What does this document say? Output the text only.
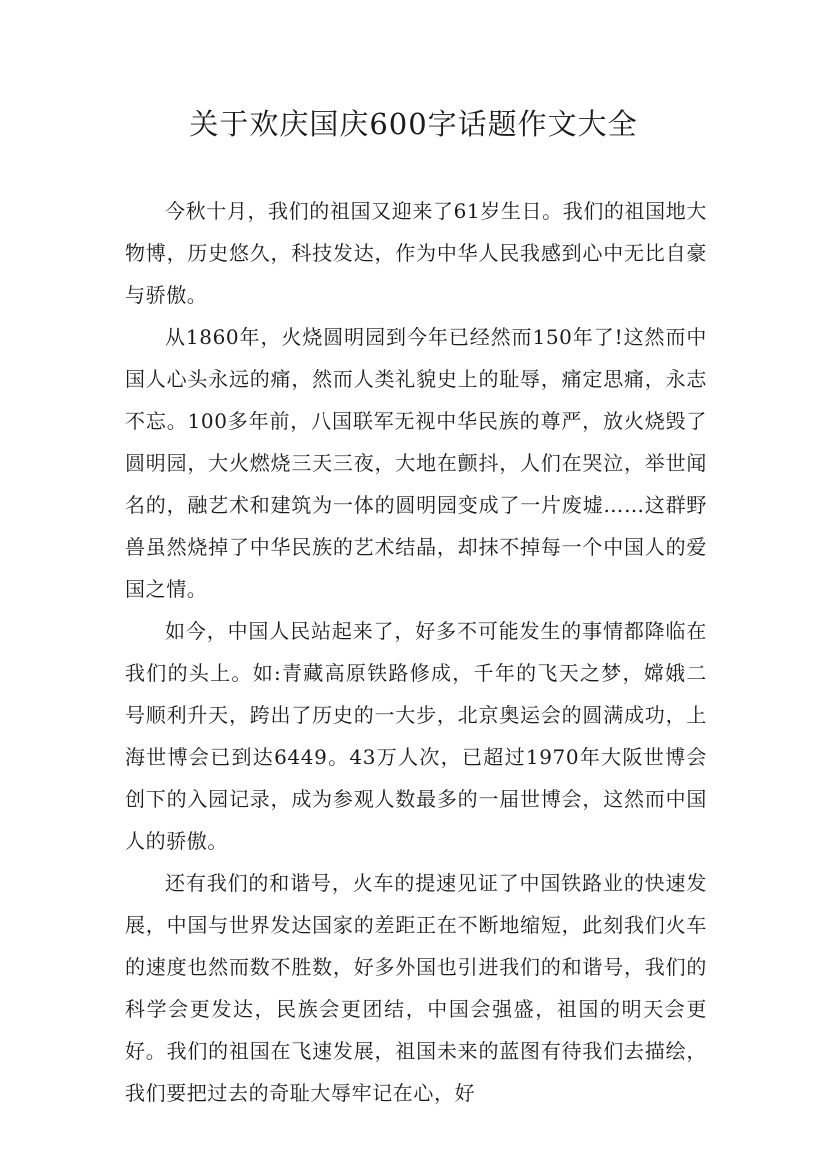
关于欢庆国庆600字话题作文大全

今秋十月，我们的祖国又迎来了61岁生日。我们的祖国地大物博，历史悠久，科技发达，作为中华人民我感到心中无比自豪与骄傲。

从1860年，火烧圆明园到今年已经然而150年了!这然而中国人心头永远的痛，然而人类礼貌史上的耻辱，痛定思痛，永志不忘。100多年前，八国联军无视中华民族的尊严，放火烧毁了圆明园，大火燃烧三天三夜，大地在颤抖，人们在哭泣，举世闻名的，融艺术和建筑为一体的圆明园变成了一片废墟……这群野兽虽然烧掉了中华民族的艺术结晶，却抹不掉每一个中国人的爱国之情。

如今，中国人民站起来了，好多不可能发生的事情都降临在我们的头上。如:青藏高原铁路修成，千年的飞天之梦，嫦娥二号顺利升天，跨出了历史的一大步，北京奥运会的圆满成功，上海世博会已到达6449。43万人次，已超过1970年大阪世博会创下的入园记录，成为参观人数最多的一届世博会，这然而中国人的骄傲。

还有我们的和谐号，火车的提速见证了中国铁路业的快速发展，中国与世界发达国家的差距正在不断地缩短，此刻我们火车的速度也然而数不胜数，好多外国也引进我们的和谐号，我们的科学会更发达，民族会更团结，中国会强盛，祖国的明天会更好。我们的祖国在飞速发展，祖国未来的蓝图有待我们去描绘，我们要把过去的奇耻大辱牢记在心，好
